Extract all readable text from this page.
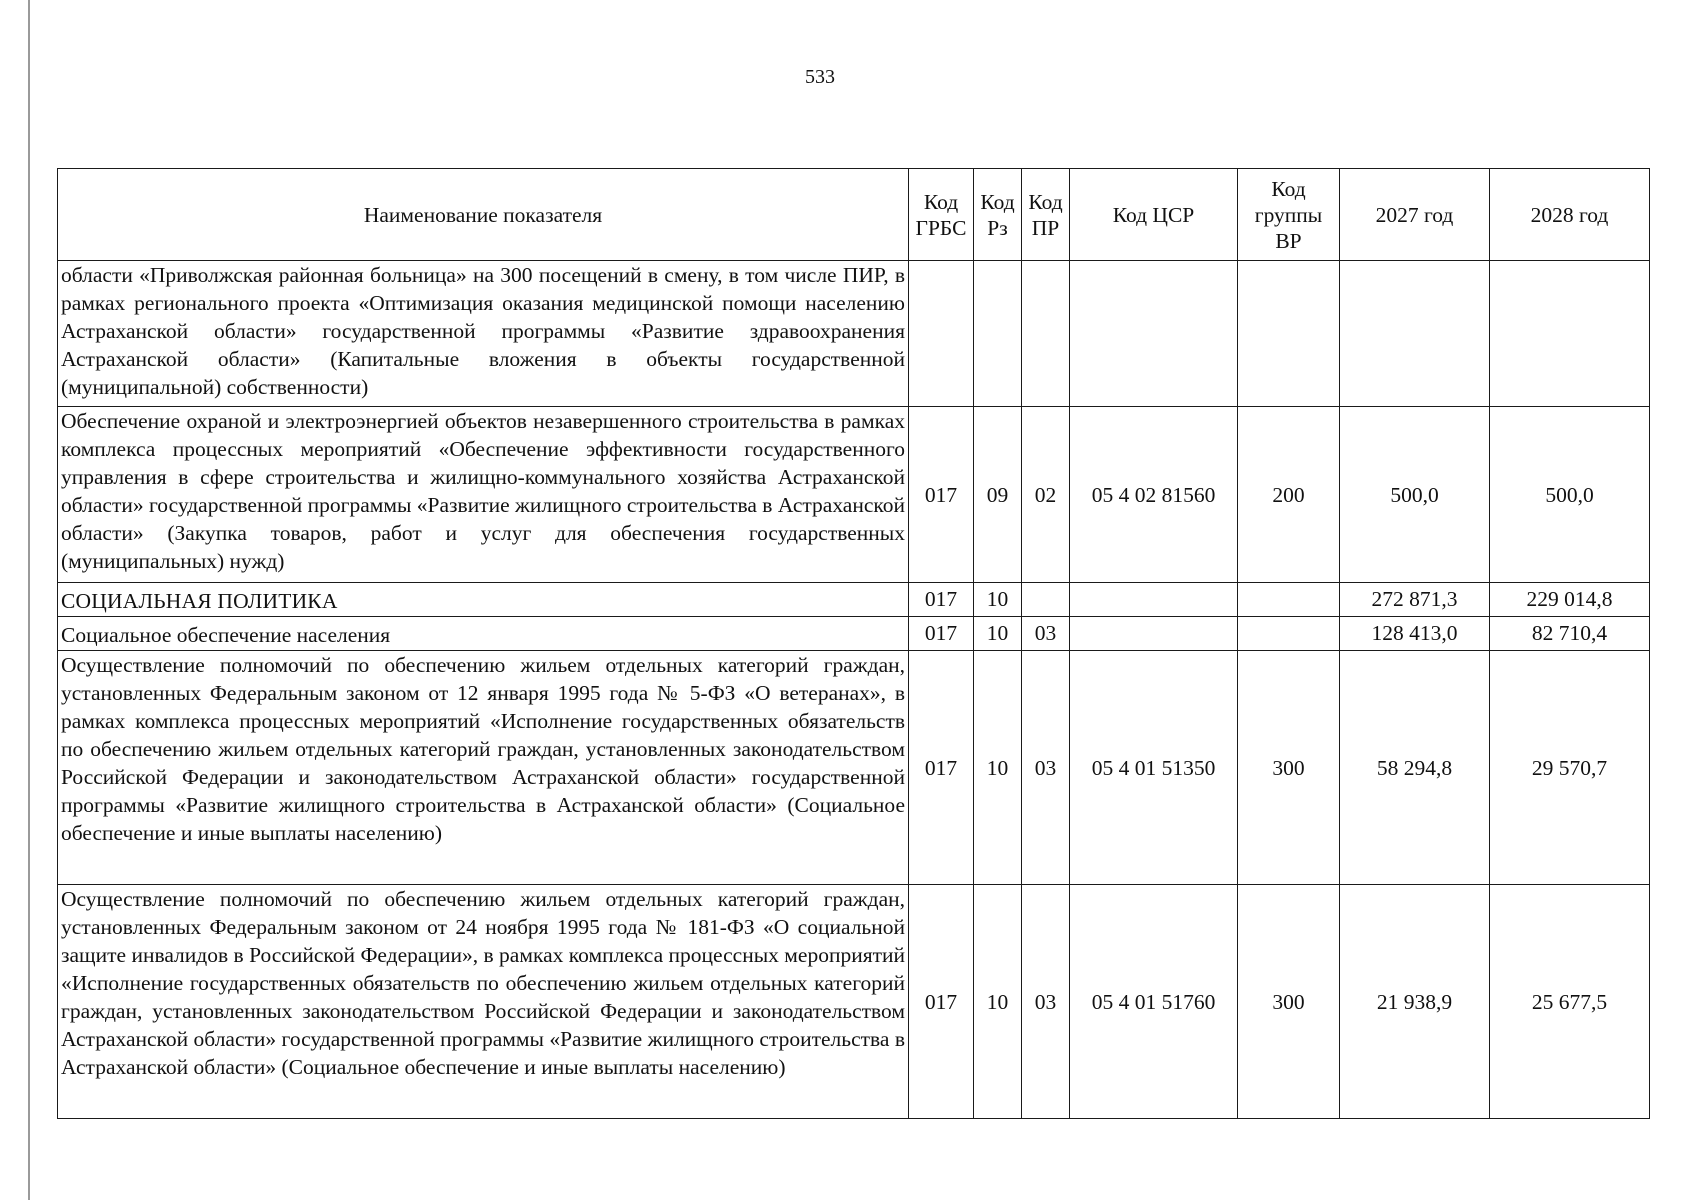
533
Наименование показателя	Код ГРБС	Код Рз	Код ПР	Код ЦСР	Код группы ВР	2027 год	2028 год
области «Приволжская районная больница» на 300 посещений в смену, в том числе ПИР, в рамках регионального проекта «Оптимизация оказания медицинской помощи населению Астраханской области» государственной программы «Развитие здравоохранения Астраханской области» (Капитальные вложения в объекты государственной (муниципальной) собственности)							
Обеспечение охраной и электроэнергией объектов незавершенного строительства в рамках комплекса процессных мероприятий «Обеспечение эффективности государственного управления в сфере строительства и жилищно-коммунального хозяйства Астраханской области» государственной программы «Развитие жилищного строительства в Астраханской области» (Закупка товаров, работ и услуг для обеспечения государственных (муниципальных) нужд)	017	09	02	05 4 02 81560	200	500,0	500,0
СОЦИАЛЬНАЯ ПОЛИТИКА	017	10				272 871,3	229 014,8
Социальное обеспечение населения	017	10	03			128 413,0	82 710,4
Осуществление полномочий по обеспечению жильем отдельных категорий граждан, установленных Федеральным законом от 12 января 1995 года № 5-ФЗ «О ветеранах», в рамках комплекса процессных мероприятий «Исполнение государственных обязательств по обеспечению жильем отдельных категорий граждан, установленных законодательством Российской Федерации и законодательством Астраханской области» государственной программы «Развитие жилищного строительства в Астраханской области» (Социальное обеспечение и иные выплаты населению)	017	10	03	05 4 01 51350	300	58 294,8	29 570,7
Осуществление полномочий по обеспечению жильем отдельных категорий граждан, установленных Федеральным законом от 24 ноября 1995 года № 181-ФЗ «О социальной защите инвалидов в Российской Федерации», в рамках комплекса процессных мероприятий «Исполнение государственных обязательств по обеспечению жильем отдельных категорий граждан, установленных законодательством Российской Федерации и законодательством Астраханской области» государственной программы «Развитие жилищного строительства в Астраханской области» (Социальное обеспечение и иные выплаты населению)	017	10	03	05 4 01 51760	300	21 938,9	25 677,5
